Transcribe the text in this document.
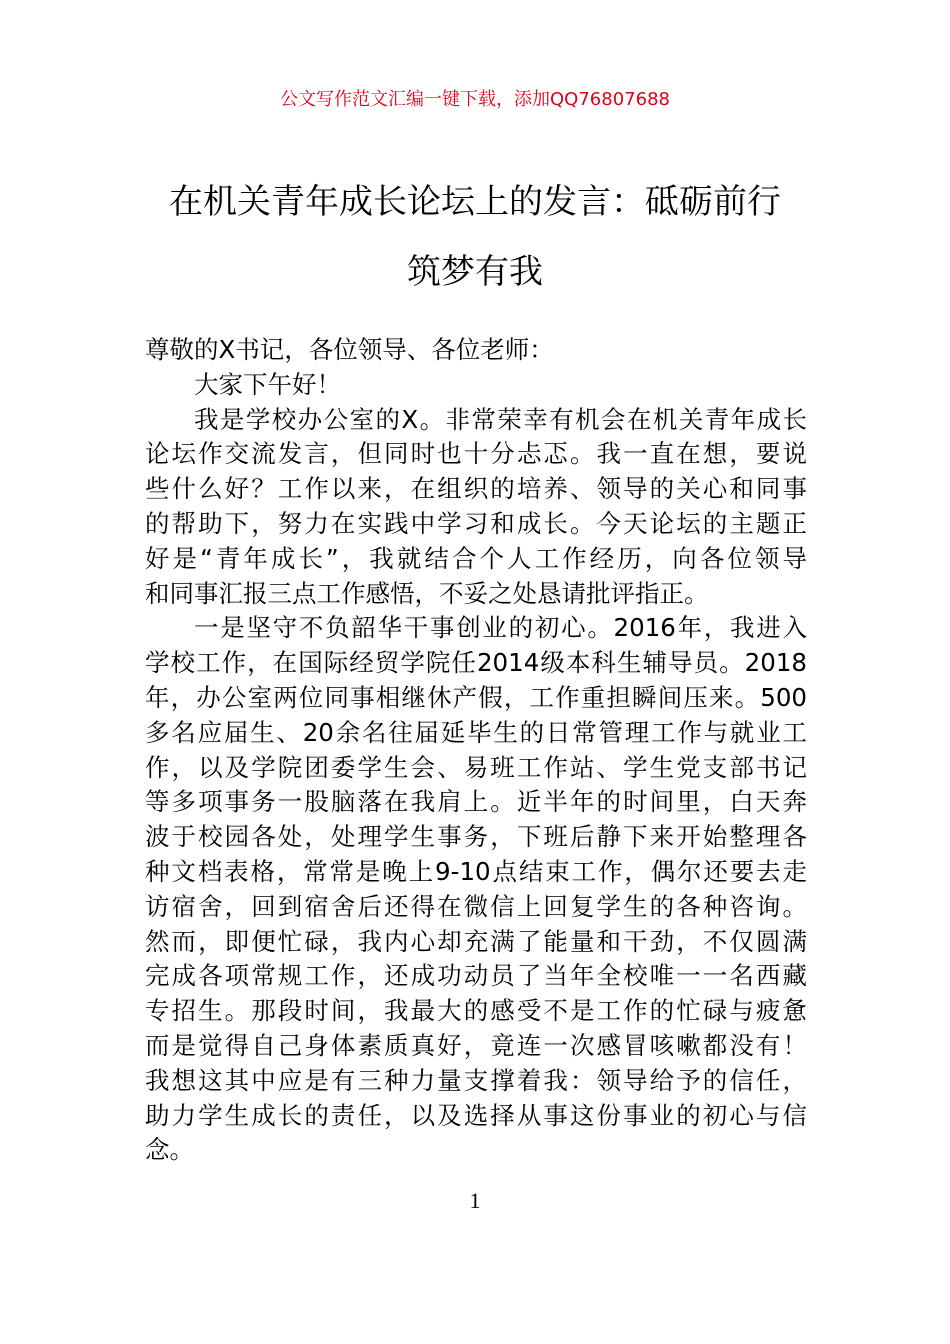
公文写作范文汇编一键下载，添加QQ76807688
在机关青年成长论坛上的发言：砥砺前行
筑梦有我
尊敬的X书记，各位领导、各位老师：
大家下午好！
我是学校办公室的X。非常荣幸有机会在机关青年成长
论坛作交流发言，但同时也十分忐忑。我一直在想，要说
些什么好？工作以来，在组织的培养、领导的关心和同事
的帮助下，努力在实践中学习和成长。今天论坛的主题正
好是“青年成长”，我就结合个人工作经历，向各位领导
和同事汇报三点工作感悟，不妥之处恳请批评指正。
一是坚守不负韶华干事创业的初心。2016年，我进入
学校工作，在国际经贸学院任2014级本科生辅导员。2018
年，办公室两位同事相继休产假，工作重担瞬间压来。500
多名应届生、20余名往届延毕生的日常管理工作与就业工
作，以及学院团委学生会、易班工作站、学生党支部书记
等多项事务一股脑落在我肩上。近半年的时间里，白天奔
波于校园各处，处理学生事务，下班后静下来开始整理各
种文档表格，常常是晚上9-10点结束工作，偶尔还要去走
访宿舍，回到宿舍后还得在微信上回复学生的各种咨询。
然而，即便忙碌，我内心却充满了能量和干劲，不仅圆满
完成各项常规工作，还成功动员了当年全校唯一一名西藏
专招生。那段时间，我最大的感受不是工作的忙碌与疲惫
而是觉得自己身体素质真好，竟连一次感冒咳嗽都没有！
我想这其中应是有三种力量支撑着我：领导给予的信任，
助力学生成长的责任，以及选择从事这份事业的初心与信
念。
1
